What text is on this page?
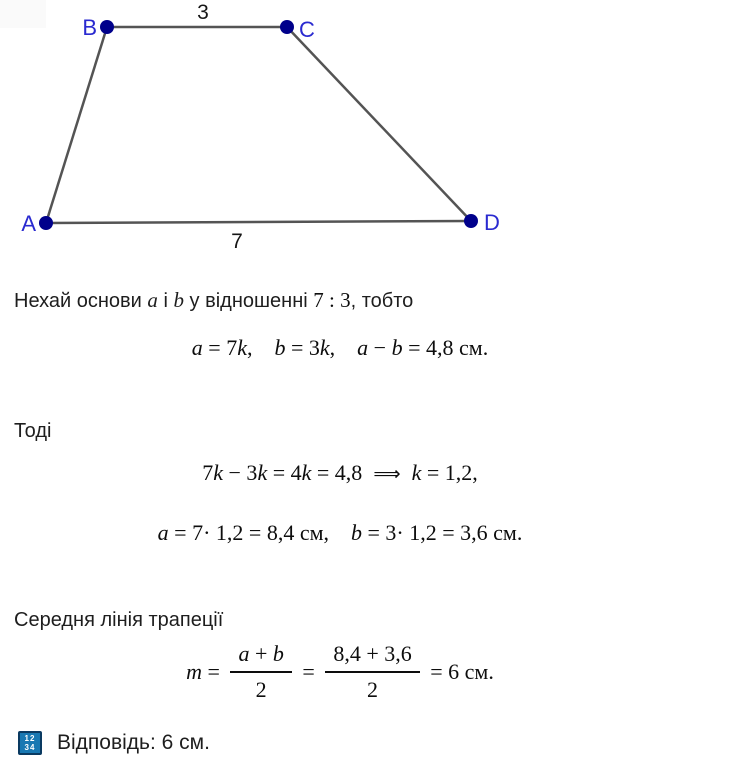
A
B	C
D
3
7

Нехай основи a і b у відношенні 7 : 3, тобто

a = 7k,    b = 3k,    a − b = 4,8 см.

Тоді

7k − 3k = 4k = 4,8  ⟹ k = 1,2,
a = 7· 1,2 = 8,4 см,    b = 3· 1,2 = 3,6 см.

Середня лінія трапеції

$m = \frac{a + b}{2} = \frac{8,4 + 3,6}{2} = 6$ см.
12
34 Відповідь: 6 см.
